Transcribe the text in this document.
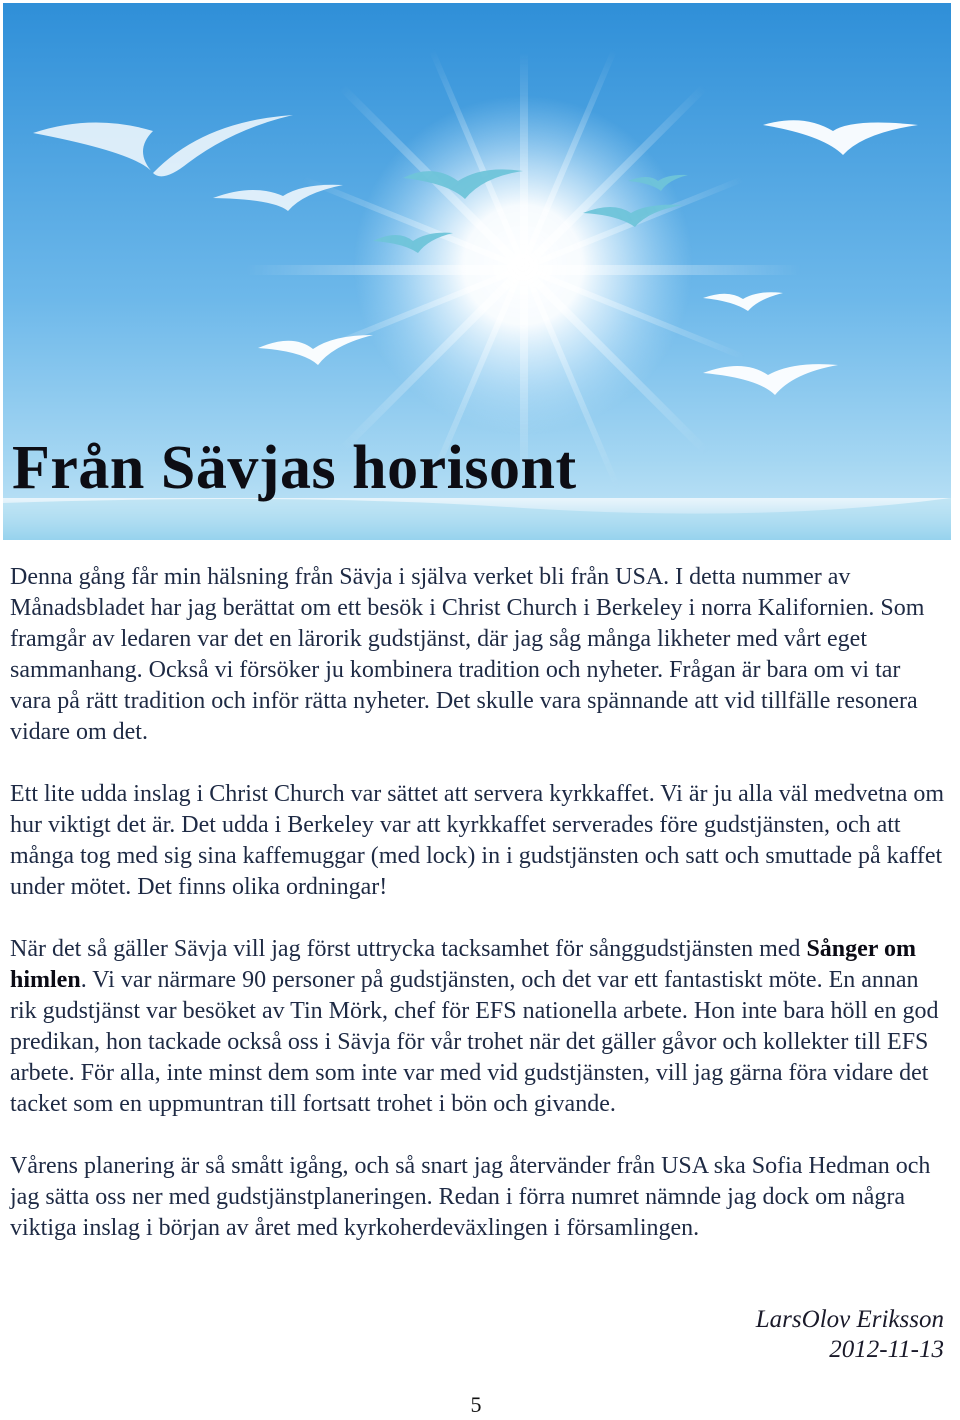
Från Sävjas horisont

Denna gång får min hälsning från Sävja i själva verket bli från USA. I detta nummer av Månadsbladet har jag berättat om ett besök i Christ Church i Berkeley i norra Kalifornien. Som framgår av ledaren var det en lärorik gudstjänst, där jag såg många likheter med vårt eget sammanhang. Också vi försöker ju kombinera tradition och nyheter. Frågan är bara om vi tar vara på rätt tradition och inför rätta nyheter. Det skulle vara spännande att vid tillfälle resonera vidare om det.

Ett lite udda inslag i Christ Church var sättet att servera kyrkkaffet. Vi är ju alla väl medvetna om hur viktigt det är. Det udda i Berkeley var att kyrkkaffet serverades före gudstjänsten, och att många tog med sig sina kaffemuggar (med lock) in i gudstjänsten och satt och smuttade på kaffet under mötet. Det finns olika ordningar!

När det så gäller Sävja vill jag först uttrycka tacksamhet för sånggudstjänsten med Sånger om himlen. Vi var närmare 90 personer på gudstjänsten, och det var ett fantastiskt möte. En annan rik gudstjänst var besöket av Tin Mörk, chef för EFS nationella arbete. Hon inte bara höll en god predikan, hon tackade också oss i Sävja för vår trohet när det gäller gåvor och kollekter till EFS arbete. För alla, inte minst dem som inte var med vid gudstjänsten, vill jag gärna föra vidare det tacket som en uppmuntran till fortsatt trohet i bön och givande.

Vårens planering är så smått igång, och så snart jag återvänder från USA ska Sofia Hedman och jag sätta oss ner med gudstjänstplaneringen. Redan i förra numret nämnde jag dock om några viktiga inslag i början av året med kyrkoherdeväxlingen i församlingen.

LarsOlov Eriksson
2012-11-13
5
